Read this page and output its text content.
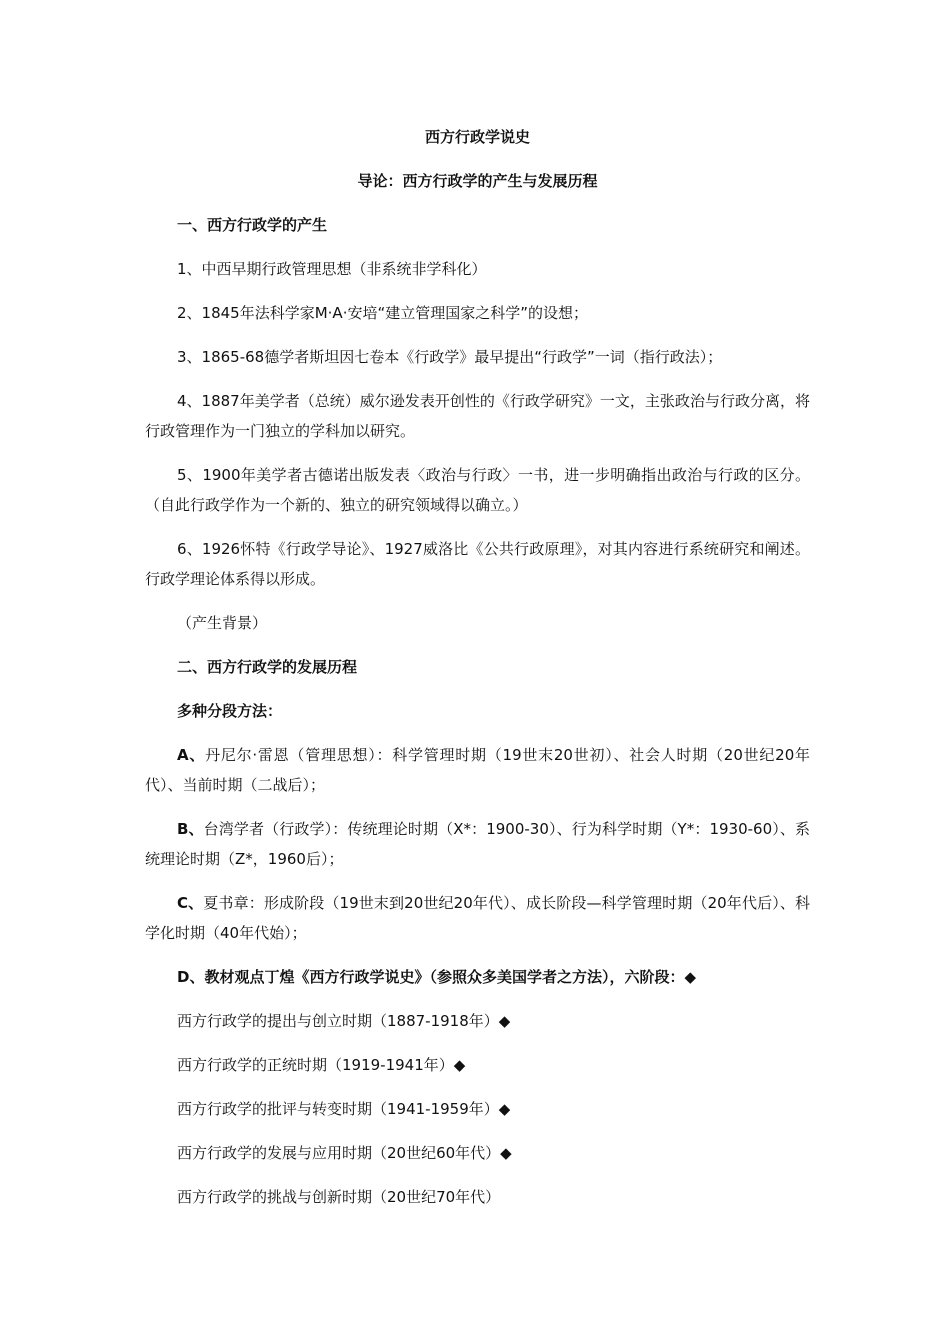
西方行政学说史
导论：西方行政学的产生与发展历程
一、西方行政学的产生
1、中西早期行政管理思想（非系统非学科化）
2、1845年法科学家M·A·安培“建立管理国家之科学”的设想；
3、1865-68德学者斯坦因七卷本《行政学》最早提出“行政学”一词（指行政法）；
4、1887年美学者（总统）威尔逊发表开创性的《行政学研究》一文，主张政治与行政分离，将行政管理作为一门独立的学科加以研究。
5、1900年美学者古德诺出版发表〈政治与行政〉一书，进一步明确指出政治与行政的区分。（自此行政学作为一个新的、独立的研究领域得以确立。）
6、1926怀特《行政学导论》、1927威洛比《公共行政原理》，对其内容进行系统研究和阐述。行政学理论体系得以形成。
（产生背景）
二、西方行政学的发展历程
多种分段方法：
A、丹尼尔·雷恩（管理思想）：科学管理时期（19世末20世初）、社会人时期（20世纪20年代）、当前时期（二战后）；
B、台湾学者（行政学）：传统理论时期（X*：1900-30）、行为科学时期（Y*：1930-60）、系统理论时期（Z*，1960后）；
C、夏书章：形成阶段（19世末到20世纪20年代）、成长阶段—科学管理时期（20年代后）、科学化时期（40年代始）；
D、教材观点丁煌《西方行政学说史》（参照众多美国学者之方法），六阶段：◆
西方行政学的提出与创立时期（1887-1918年）◆
西方行政学的正统时期（1919-1941年）◆
西方行政学的批评与转变时期（1941-1959年）◆
西方行政学的发展与应用时期（20世纪60年代）◆
西方行政学的挑战与创新时期（20世纪70年代）
